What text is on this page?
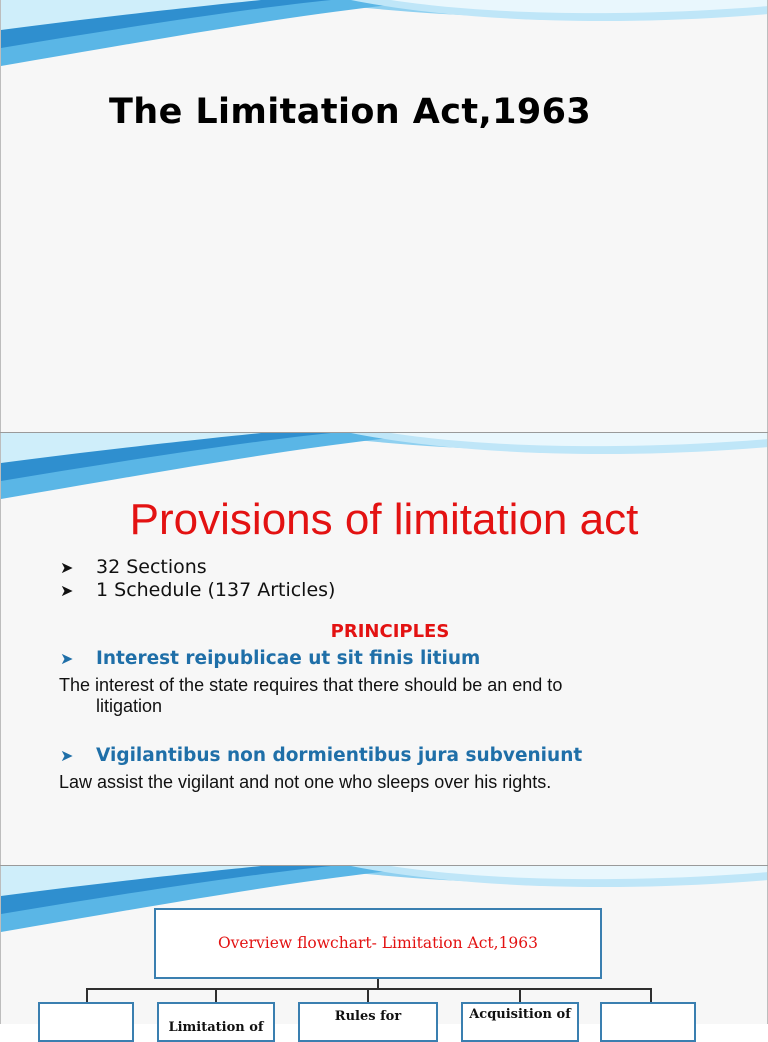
The Limitation Act,1963
Provisions of limitation act
➤ 32 Sections
➤ 1 Schedule (137 Articles)
PRINCIPLES
➤ Interest reipublicae ut sit finis litium
The interest of the state requires that there should be an end to
litigation
➤ Vigilantibus non dormientibus jura subveniunt
Law assist the vigilant and not one who sleeps over his rights.
Overview flowchart- Limitation Act,1963
Limitation of
Rules for	Acquisition of
